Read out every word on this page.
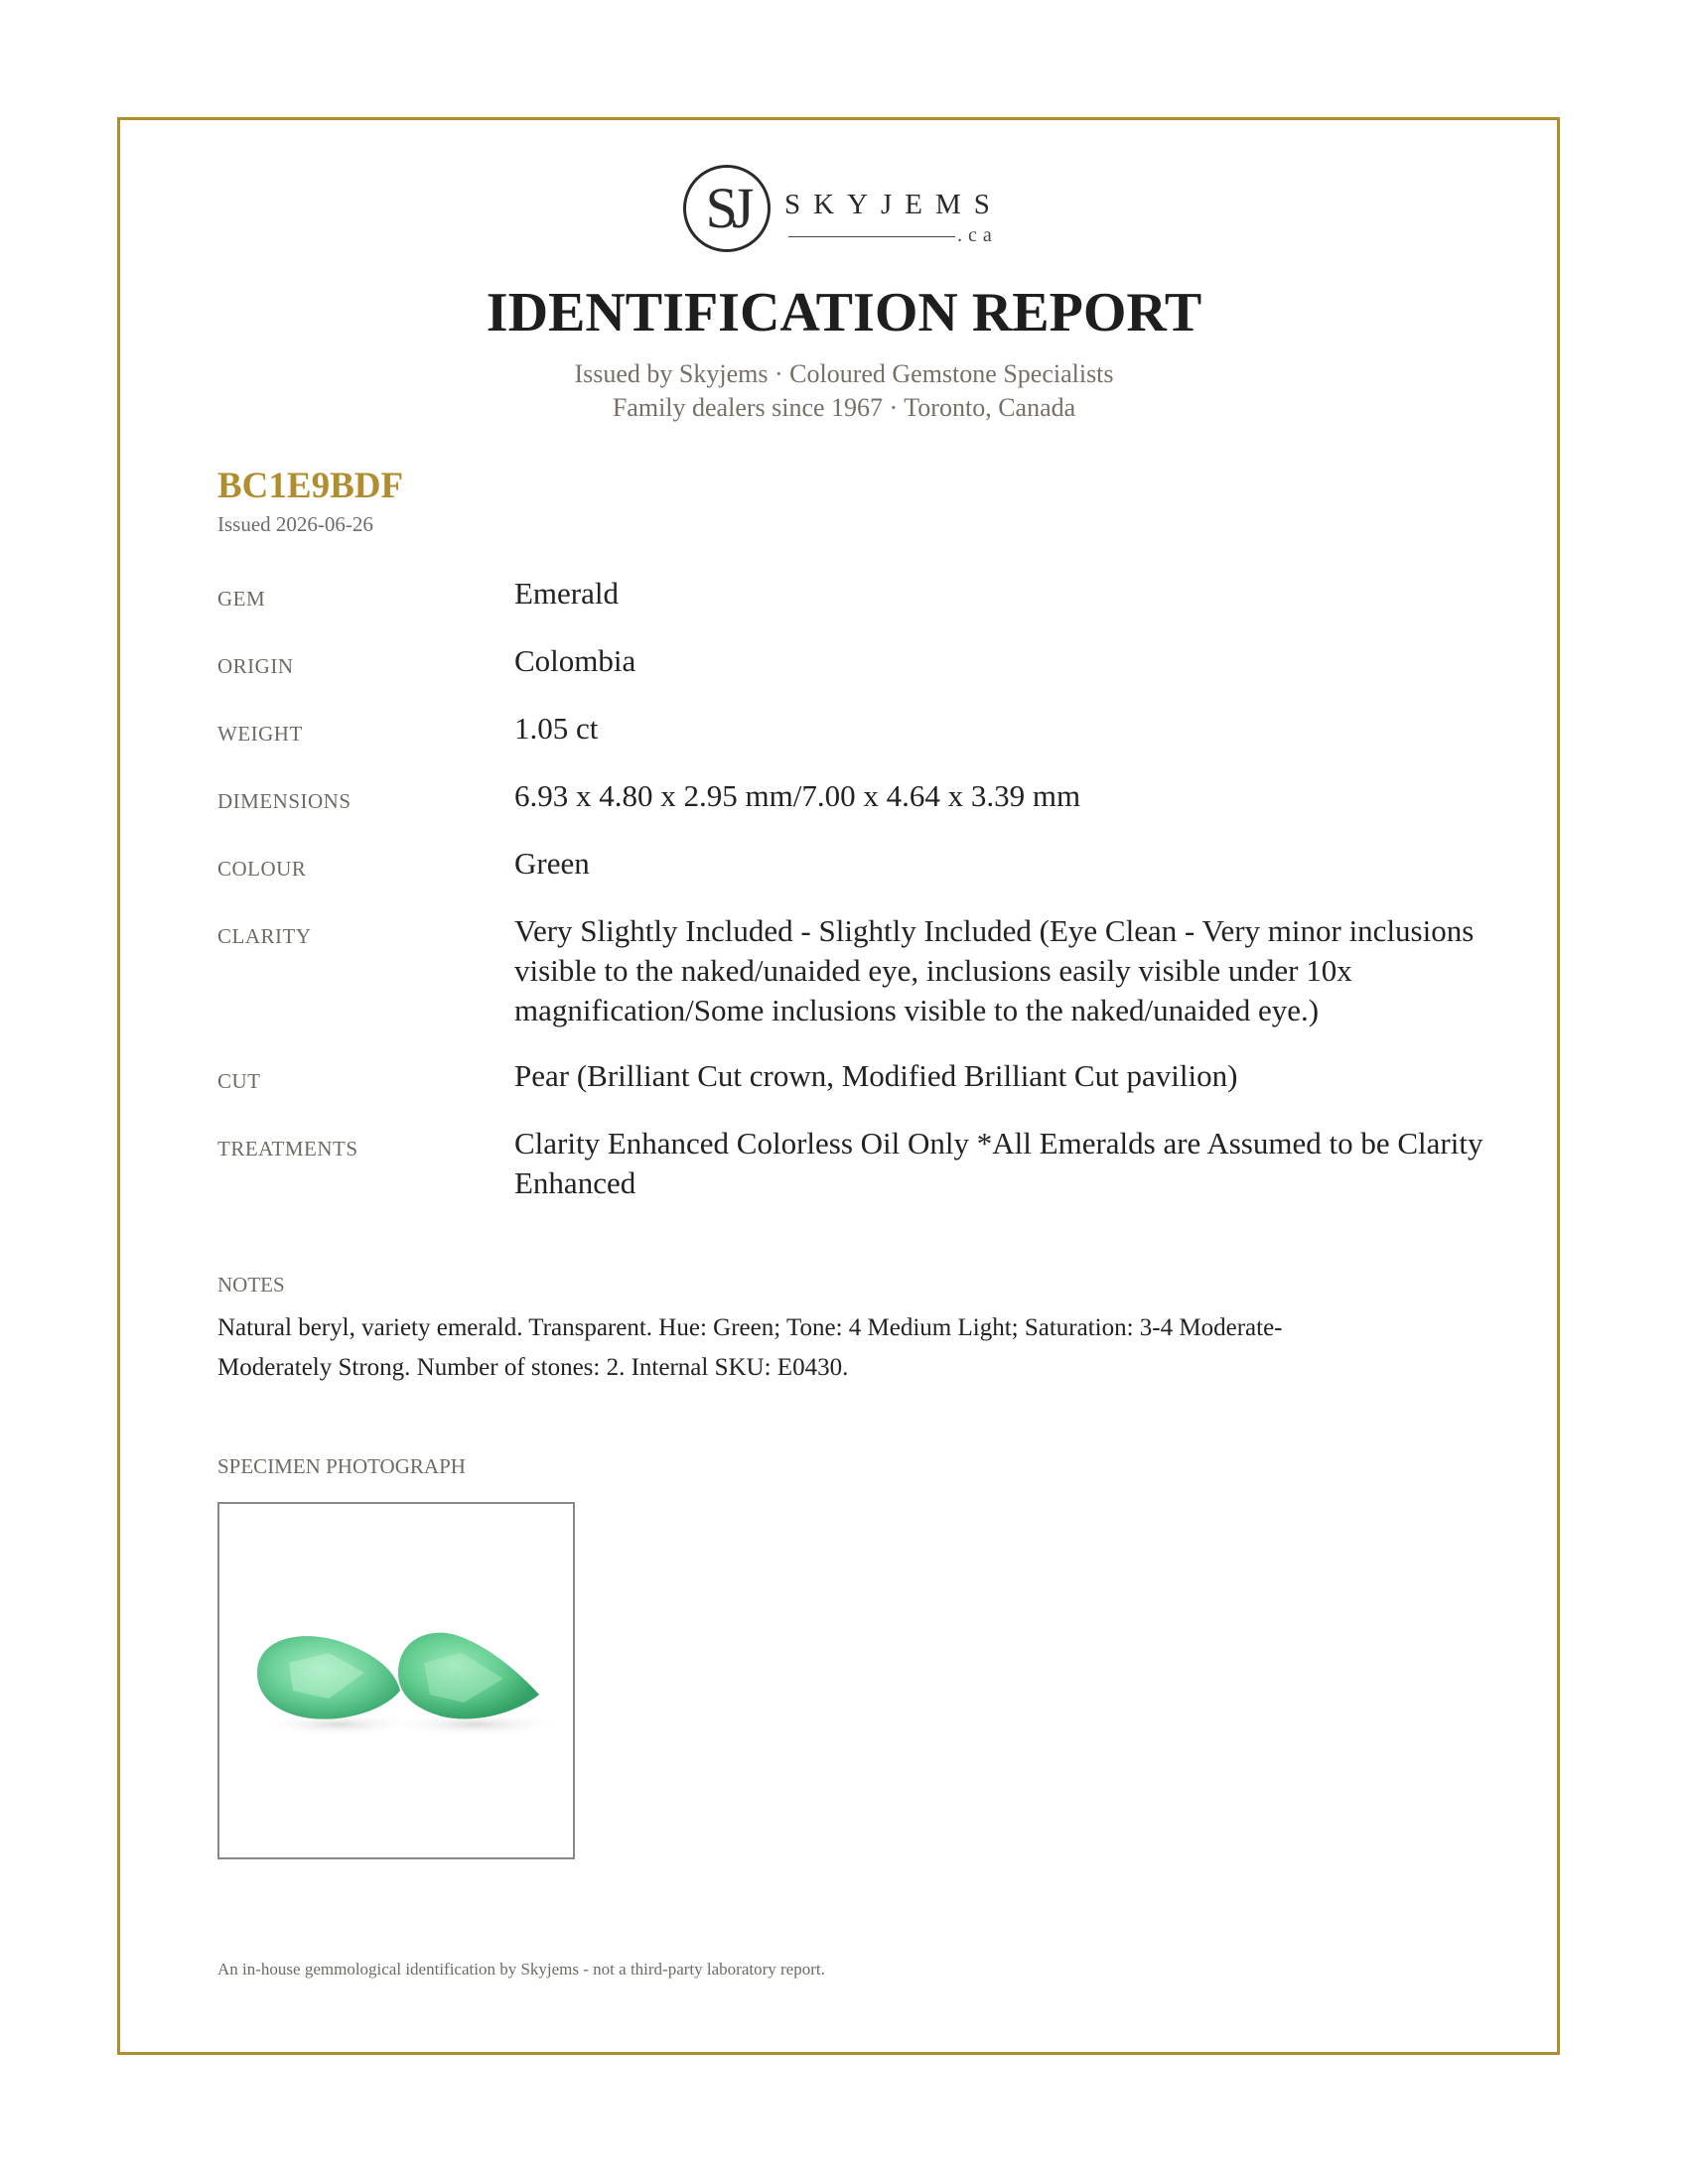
SJ	SKYJEMS
.ca
IDENTIFICATION REPORT
Issued by Skyjems · Coloured Gemstone Specialists
Family dealers since 1967 · Toronto, Canada
BC1E9BDF
Issued 2026-06-26
GEM	Emerald
ORIGIN	Colombia
WEIGHT	1.05 ct
DIMENSIONS	6.93 x 4.80 x 2.95 mm/7.00 x 4.64 x 3.39 mm
COLOUR	Green
CLARITY	Very Slightly Included - Slightly Included (Eye Clean - Very minor inclusions visible to the naked/unaided eye, inclusions easily visible under 10x magnification/Some inclusions visible to the naked/unaided eye.)
CUT	Pear (Brilliant Cut crown, Modified Brilliant Cut pavilion)
TREATMENTS	Clarity Enhanced Colorless Oil Only *All Emeralds are Assumed to be Clarity Enhanced
NOTES
Natural beryl, variety emerald. Transparent. Hue: Green; Tone: 4 Medium Light; Saturation: 3-4 Moderate-Moderately Strong. Number of stones: 2. Internal SKU: E0430.
SPECIMEN PHOTOGRAPH
An in-house gemmological identification by Skyjems - not a third-party laboratory report.
